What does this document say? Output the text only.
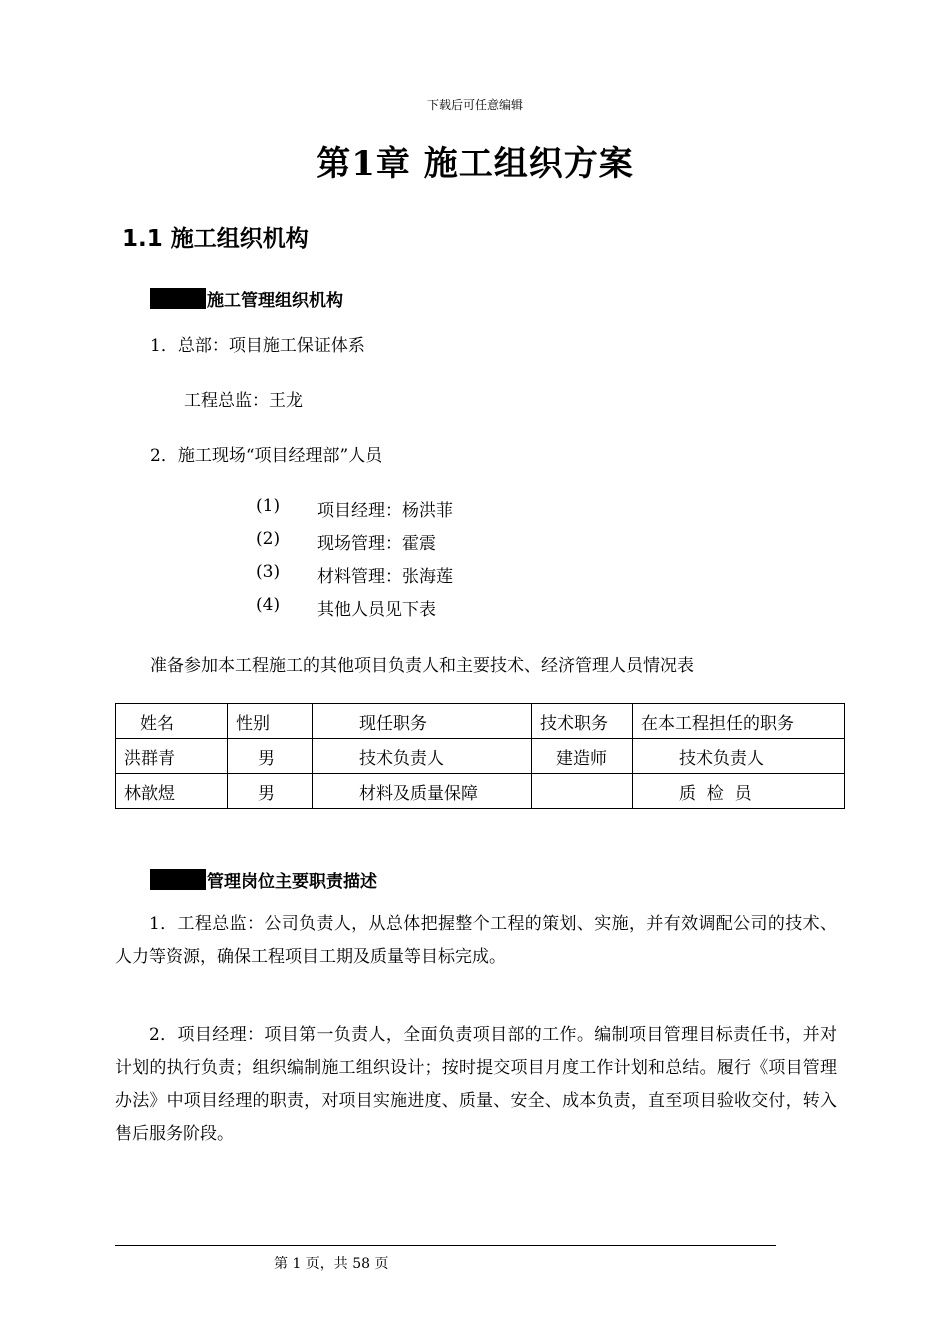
下载后可任意编辑
第1章 施工组织方案
1.1 施工组织机构
施工管理组织机构
1．总部：项目施工保证体系
工程总监：王龙
2．施工现场“项目经理部”人员
(1) 项目经理：杨洪菲
(2) 现场管理：霍震
(3) 材料管理：张海莲
(4) 其他人员见下表
准备参加本工程施工的其他项目负责人和主要技术、经济管理人员情况表
姓名	性别	现任职务	技术职务	在本工程担任的职务
洪群青	男	技术负责人	建造师	技术负责人
林歆煜	男	材料及质量保障		质  检  员
管理岗位主要职责描述
1．工程总监：公司负责人，从总体把握整个工程的策划、实施，并有效调配公司的技术、人力等资源，确保工程项目工期及质量等目标完成。
2．项目经理：项目第一负责人，全面负责项目部的工作。编制项目管理目标责任书，并对计划的执行负责；组织编制施工组织设计；按时提交项目月度工作计划和总结。履行《项目管理办法》中项目经理的职责，对项目实施进度、质量、安全、成本负责，直至项目验收交付，转入售后服务阶段。
第 1 页，共 58 页
